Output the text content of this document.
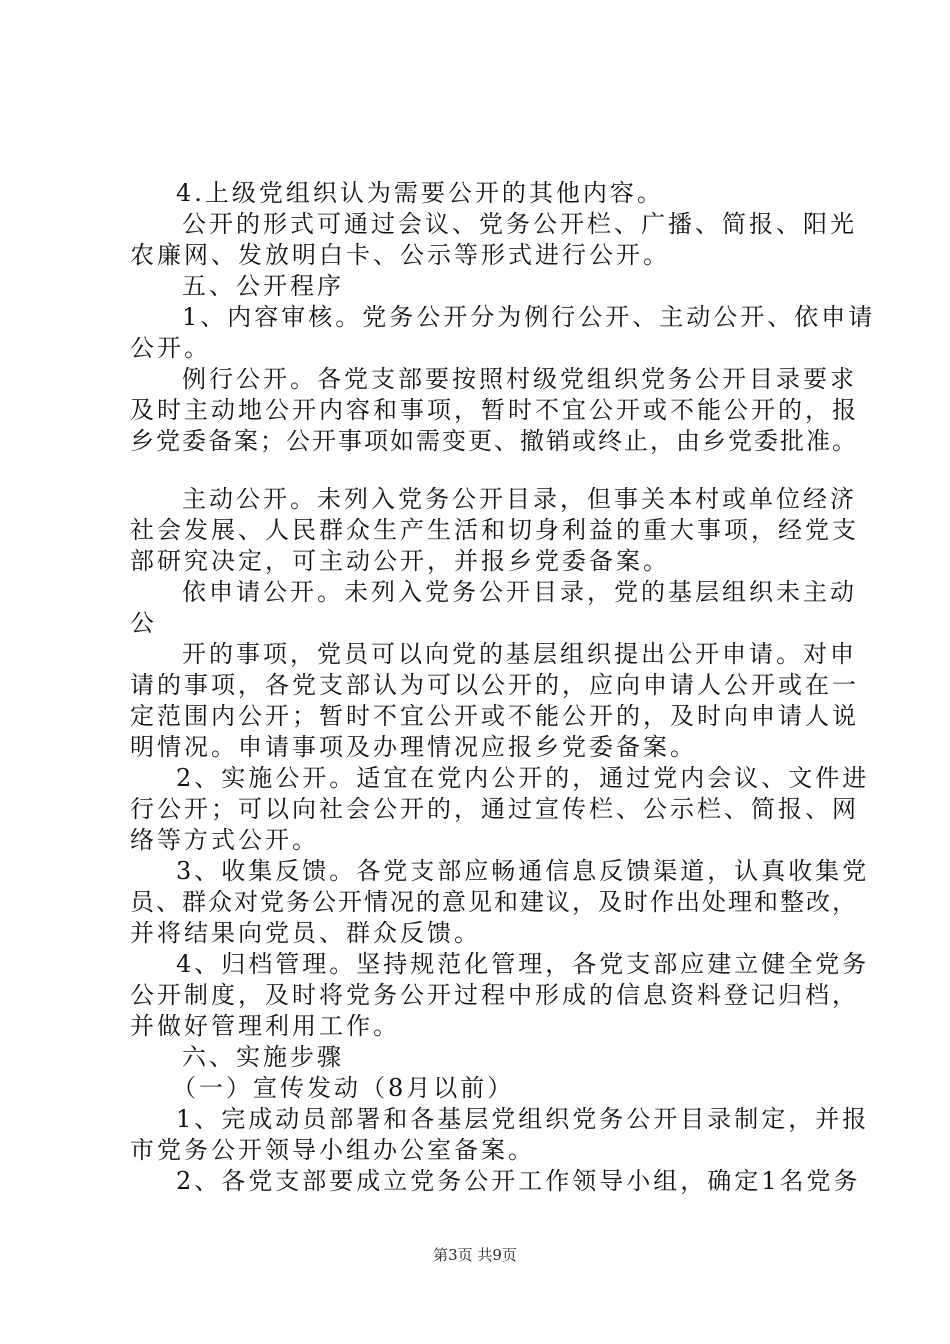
4.上级党组织认为需要公开的其他内容。
公开的形式可通过会议、党务公开栏、广播、简报、阳光
农廉网、发放明白卡、公示等形式进行公开。
五、公开程序
1、内容审核。党务公开分为例行公开、主动公开、依申请
公开。
例行公开。各党支部要按照村级党组织党务公开目录要求
及时主动地公开内容和事项，暂时不宜公开或不能公开的，报
乡党委备案；公开事项如需变更、撤销或终止，由乡党委批准。
主动公开。未列入党务公开目录，但事关本村或单位经济
社会发展、人民群众生产生活和切身利益的重大事项，经党支
部研究决定，可主动公开，并报乡党委备案。
依申请公开。未列入党务公开目录，党的基层组织未主动
公
开的事项，党员可以向党的基层组织提出公开申请。对申
请的事项，各党支部认为可以公开的，应向申请人公开或在一
定范围内公开；暂时不宜公开或不能公开的，及时向申请人说
明情况。申请事项及办理情况应报乡党委备案。
2、实施公开。适宜在党内公开的，通过党内会议、文件进
行公开；可以向社会公开的，通过宣传栏、公示栏、简报、网
络等方式公开。
3、收集反馈。各党支部应畅通信息反馈渠道，认真收集党
员、群众对党务公开情况的意见和建议，及时作出处理和整改，
并将结果向党员、群众反馈。
4、归档管理。坚持规范化管理，各党支部应建立健全党务
公开制度，及时将党务公开过程中形成的信息资料登记归档，
并做好管理利用工作。
六、实施步骤
（一）宣传发动（8月以前）
1、完成动员部署和各基层党组织党务公开目录制定，并报
市党务公开领导小组办公室备案。
2、各党支部要成立党务公开工作领导小组，确定1名党务
第3页 共9页
